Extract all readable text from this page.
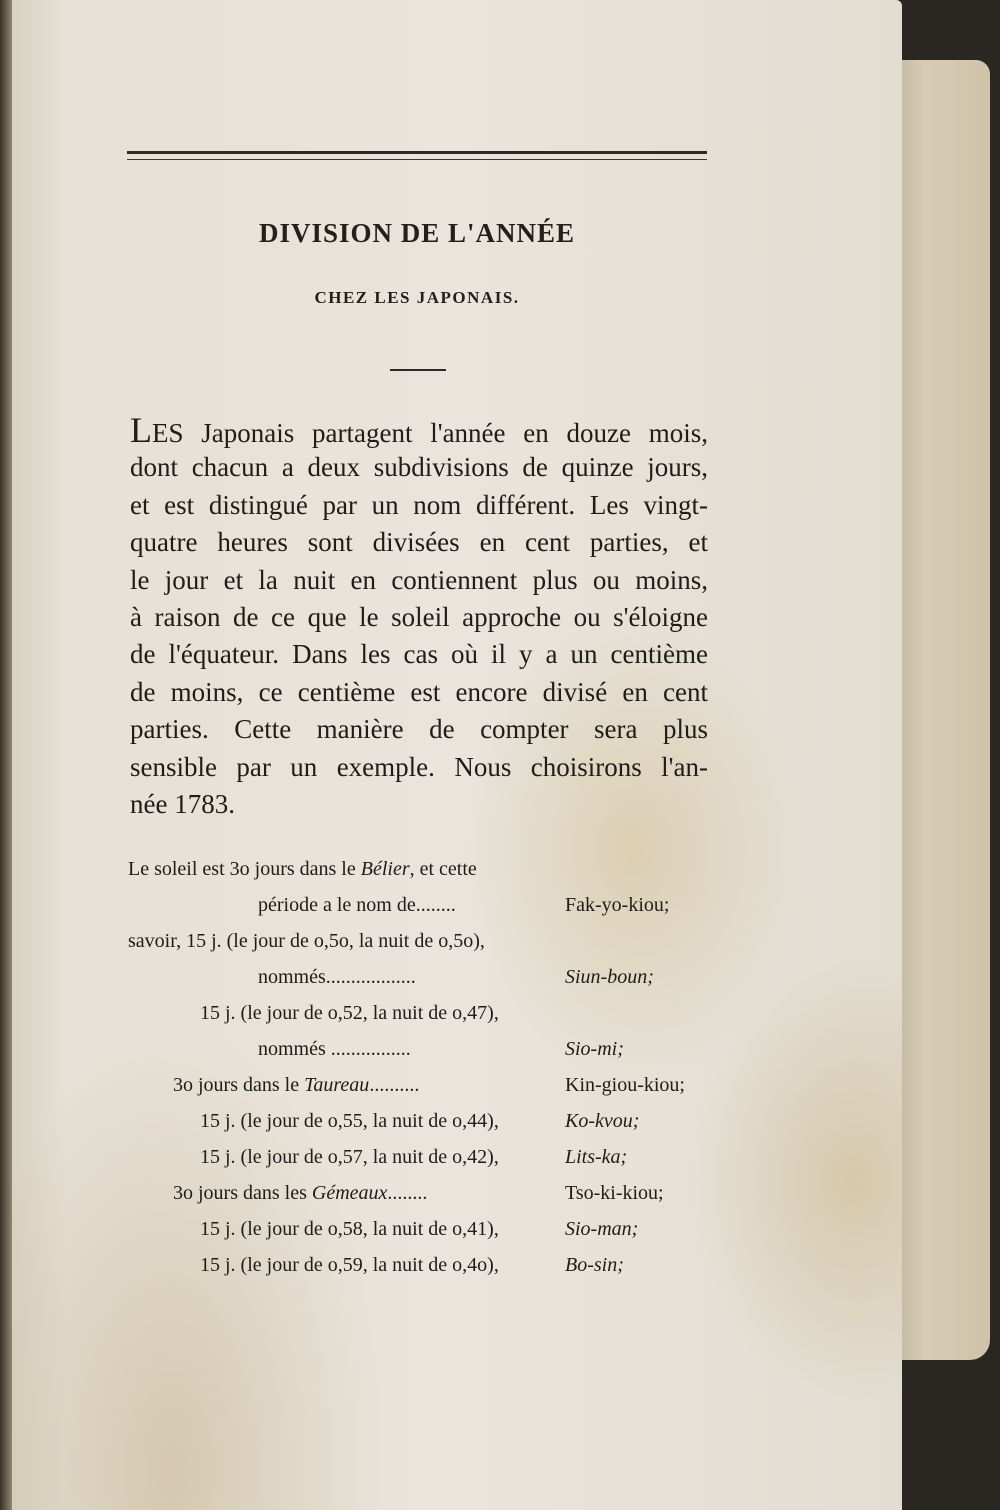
DIVISION DE L'ANNÉE
CHEZ LES JAPONAIS.
LES Japonais partagent l'année en douze mois,
dont chacun a deux subdivisions de quinze jours,
et est distingué par un nom différent. Les vingt-
quatre heures sont divisées en cent parties, et
le jour et la nuit en contiennent plus ou moins,
à raison de ce que le soleil approche ou s'éloigne
de l'équateur. Dans les cas où il y a un centième
de moins, ce centième est encore divisé en cent
parties. Cette manière de compter sera plus
sensible par un exemple. Nous choisirons l'an-
née 1783.
Le soleil est 3o jours dans le Bélier, et cette
période a le nom de........	Fak-yo-kiou;
savoir, 15 j. (le jour de o,5o, la nuit de o,5o),
nommés..................	Siun-boun;
15 j. (le jour de o,52, la nuit de o,47),
nommés ................	Sio-mi;
3o jours dans le Taureau..........	Kin-giou-kiou;
15 j. (le jour de o,55, la nuit de o,44),	Ko-kvou;
15 j. (le jour de o,57, la nuit de o,42),	Lits-ka;
3o jours dans les Gémeaux........	Tso-ki-kiou;
15 j. (le jour de o,58, la nuit de o,41),	Sio-man;
15 j. (le jour de o,59, la nuit de o,4o),	Bo-sin;
